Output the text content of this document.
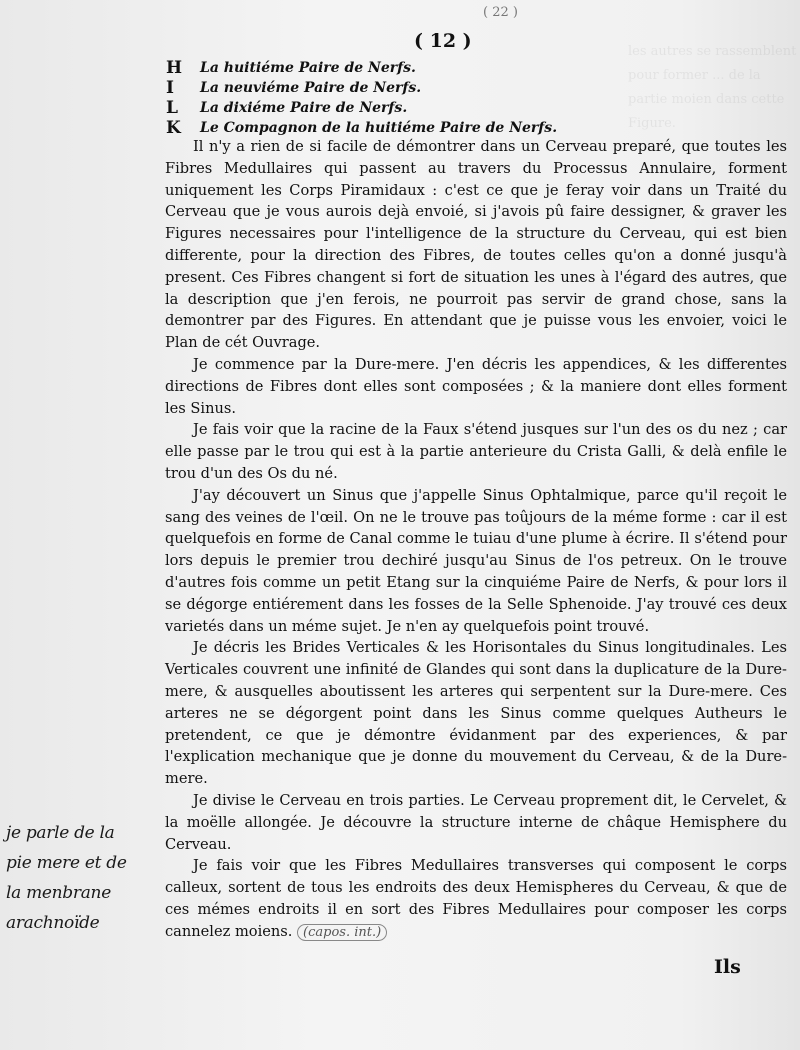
les autres se rassemblent pour former ... de la partie moien dans cette Figure.
( 22 )
( 12 )
H	La huitiéme Paire de Nerfs.
I	La neuviéme Paire de Nerfs.
L	La dixiéme Paire de Nerfs.
K	Le Compagnon de la huitiéme Paire de Nerfs.

Il n'y a rien de si facile de démontrer dans un Cerveau preparé, que toutes les Fibres Medullaires qui passent au travers du Processus Annulaire, forment uniquement les Corps Piramidaux : c'est ce que je feray voir dans un Traité du Cerveau que je vous aurois dejà envoié, si j'avois pû faire dessigner, & graver les Figures necessaires pour l'intelligence de la structure du Cerveau, qui est bien differente, pour la direction des Fibres, de toutes celles qu'on a donné jusqu'à present. Ces Fibres changent si fort de situation les unes à l'égard des autres, que la description que j'en ferois, ne pourroit pas servir de grand chose, sans la demontrer par des Figures. En attendant que je puisse vous les envoier, voici le Plan de cét Ouvrage.

Je commence par la Dure-mere. J'en décris les appendices, & les differentes directions de Fibres dont elles sont composées ; & la maniere dont elles forment les Sinus.

Je fais voir que la racine de la Faux s'étend jusques sur l'un des os du nez ; car elle passe par le trou qui est à la partie anterieure du Crista Galli, & delà enfile le trou d'un des Os du né.

J'ay découvert un Sinus que j'appelle Sinus Ophtalmique, parce qu'il reçoit le sang des veines de l'œil. On ne le trouve pas toûjours de la méme forme : car il est quelquefois en forme de Canal comme le tuiau d'une plume à écrire. Il s'étend pour lors depuis le premier trou dechiré jusqu'au Sinus de l'os petreux. On le trouve d'autres fois comme un petit Etang sur la cinquiéme Paire de Nerfs, & pour lors il se dégorge entiérement dans les fosses de la Selle Sphenoide. J'ay trouvé ces deux varietés dans un méme sujet. Je n'en ay quelquefois point trouvé.

Je décris les Brides Verticales & les Horisontales du Sinus longitudinales. Les Verticales couvrent une infinité de Glandes qui sont dans la duplicature de la Dure-mere, & ausquelles aboutissent les arteres qui serpentent sur la Dure-mere. Ces arteres ne se dégorgent point dans les Sinus comme quelques Autheurs le pretendent, ce que je démontre évidanment par des experiences, & par l'explication mechanique que je donne du mouvement du Cerveau, & de la Dure-mere.

Je divise le Cerveau en trois parties. Le Cerveau proprement dit, le Cervelet, & la moëlle allongée. Je découvre la structure interne de châque Hemisphere du Cerveau.

Je fais voir que les Fibres Medullaires transverses qui composent le corps calleux, sortent de tous les endroits des deux Hemispheres du Cerveau, & que de ces mémes endroits il en sort des Fibres Medullaires pour composer les corps cannelez moiens. (capos. int.)

je parle de la
pie mere et de
la menbrane
arachnoïde
Ils
